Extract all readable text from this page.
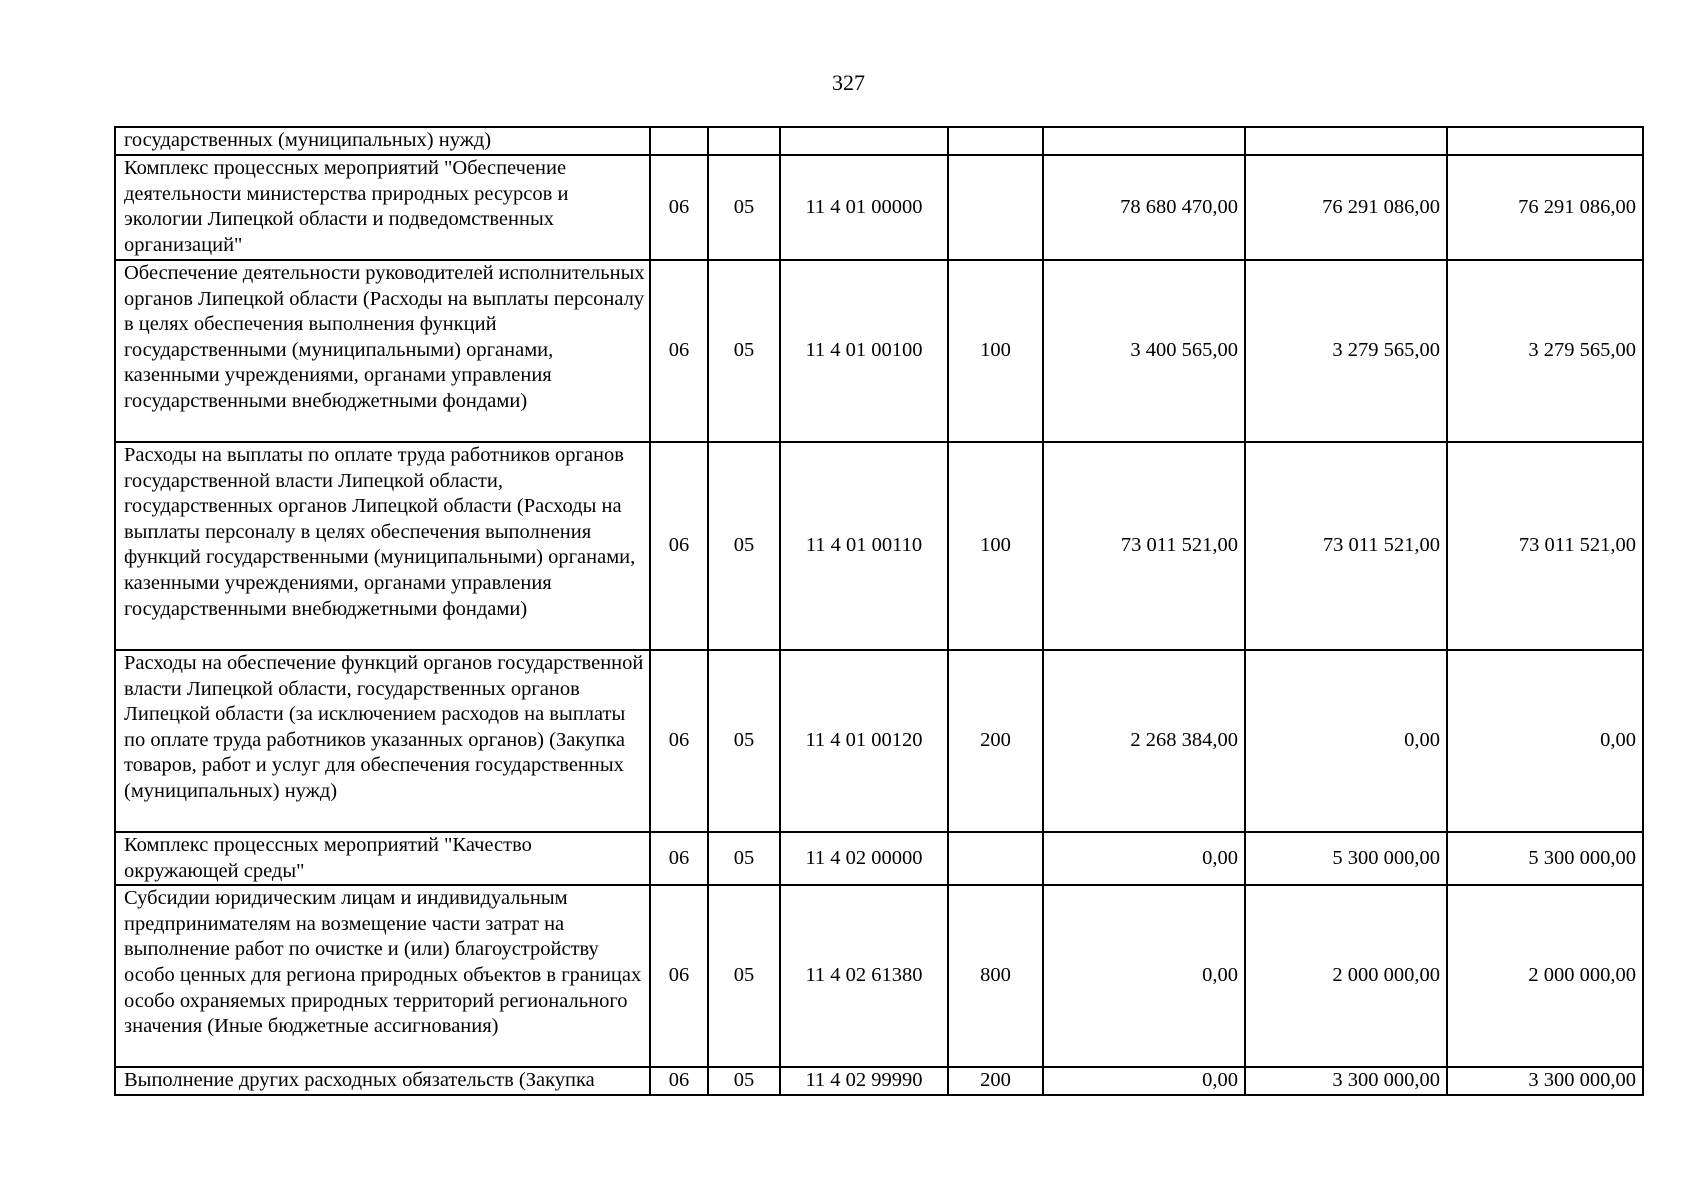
327
государственных (муниципальных) нужд)							
Комплекс процессных мероприятий "Обеспечение деятельности министерства природных ресурсов и экологии Липецкой области и подведомственных организаций"	06	05	11 4 01 00000		78 680 470,00	76 291 086,00	76 291 086,00
Обеспечение деятельности руководителей исполнительных органов Липецкой области (Расходы на выплаты персоналу в целях обеспечения выполнения функций государственными (муниципальными) органами, казенными учреждениями, органами управления государственными внебюджетными фондами)	06	05	11 4 01 00100	100	3 400 565,00	3 279 565,00	3 279 565,00
Расходы на выплаты по оплате труда работников органов государственной власти Липецкой области, государственных органов Липецкой области (Расходы на выплаты персоналу в целях обеспечения выполнения функций государственными (муниципальными) органами, казенными учреждениями, органами управления государственными внебюджетными фондами)	06	05	11 4 01 00110	100	73 011 521,00	73 011 521,00	73 011 521,00
Расходы на обеспечение функций органов государственной власти Липецкой области, государственных органов Липецкой области (за исключением расходов на выплаты по оплате труда работников указанных органов) (Закупка товаров, работ и услуг для обеспечения государственных (муниципальных) нужд)	06	05	11 4 01 00120	200	2 268 384,00	0,00	0,00
Комплекс процессных мероприятий "Качество окружающей среды"	06	05	11 4 02 00000		0,00	5 300 000,00	5 300 000,00
Субсидии юридическим лицам и индивидуальным предпринимателям на возмещение части затрат на выполнение работ по очистке и (или) благоустройству особо ценных для региона природных объектов в границах особо охраняемых природных территорий регионального значения (Иные бюджетные ассигнования)	06	05	11 4 02 61380	800	0,00	2 000 000,00	2 000 000,00
Выполнение других расходных обязательств (Закупка	06	05	11 4 02 99990	200	0,00	3 300 000,00	3 300 000,00
